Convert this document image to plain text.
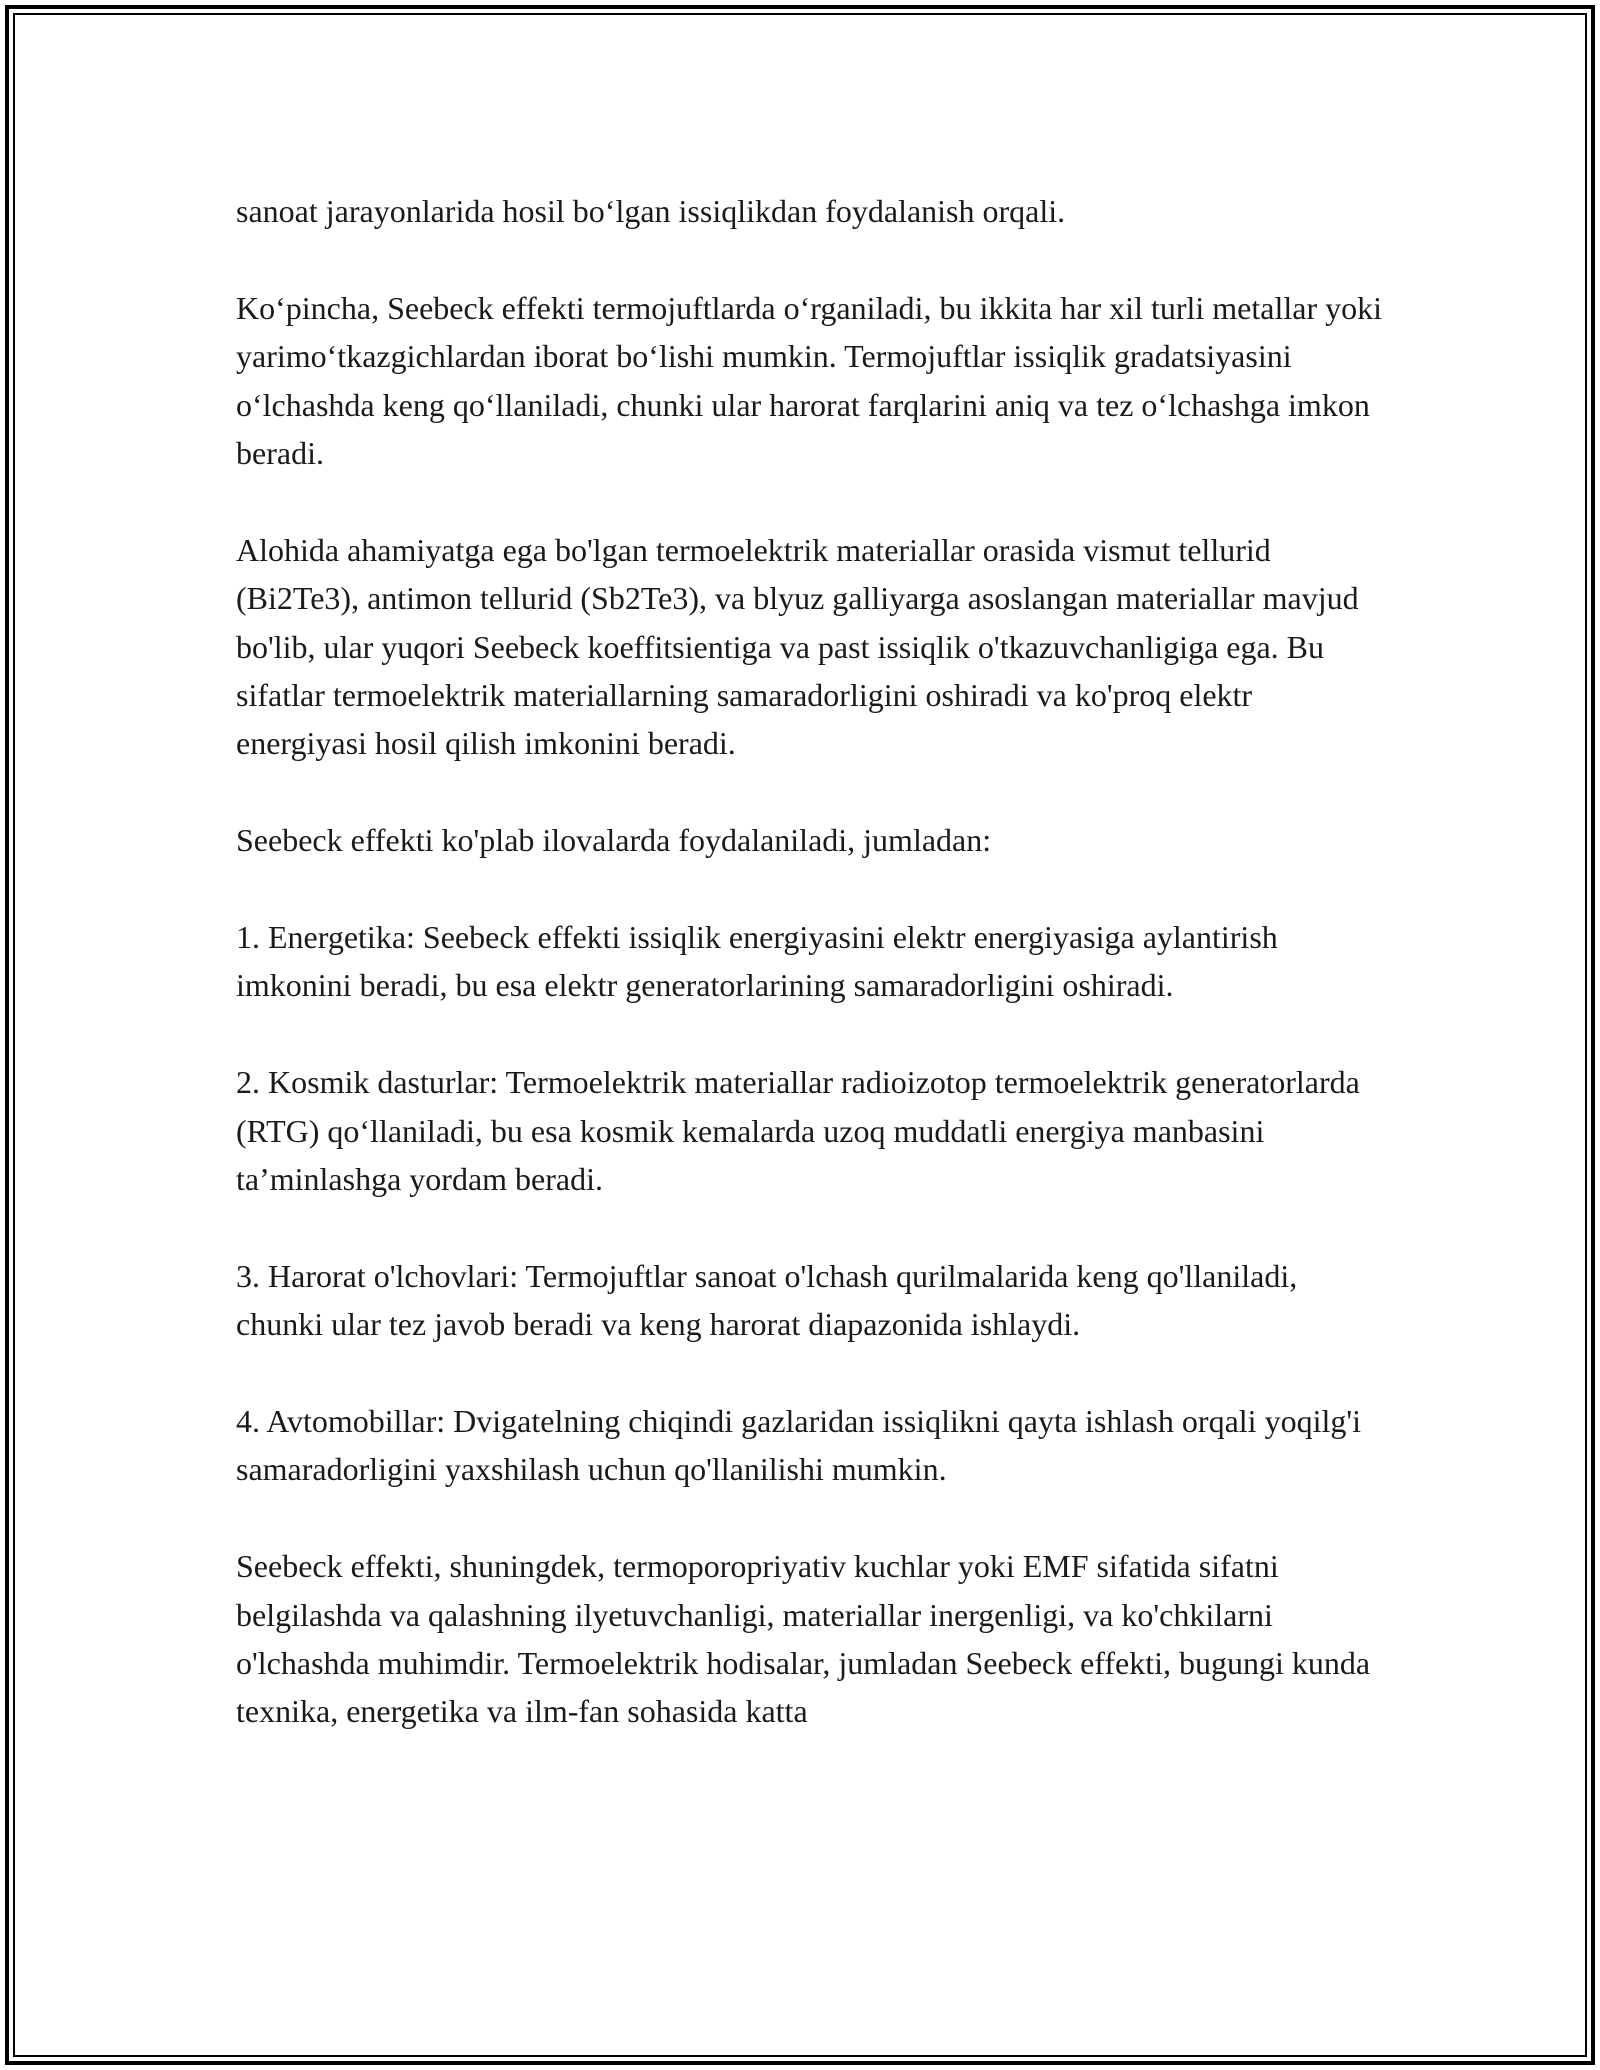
sanoat jarayonlarida hosil bo‘lgan issiqlikdan foydalanish orqali.

Ko‘pincha, Seebeck effekti termojuftlarda o‘rganiladi, bu ikkita har xil turli metallar yoki yarimo‘tkazgichlardan iborat bo‘lishi mumkin. Termojuftlar issiqlik gradatsiyasini o‘lchashda keng qo‘llaniladi, chunki ular harorat farqlarini aniq va tez o‘lchashga imkon beradi.

Alohida ahamiyatga ega bo'lgan termoelektrik materiallar orasida vismut tellurid (Bi2Te3), antimon tellurid (Sb2Te3), va blyuz galliyarga asoslangan materiallar mavjud bo'lib, ular yuqori Seebeck koeffitsientiga va past issiqlik o'tkazuvchanligiga ega. Bu sifatlar termoelektrik materiallarning samaradorligini oshiradi va ko'proq elektr energiyasi hosil qilish imkonini beradi.

Seebeck effekti ko'plab ilovalarda foydalaniladi, jumladan:

1. Energetika: Seebeck effekti issiqlik energiyasini elektr energiyasiga aylantirish imkonini beradi, bu esa elektr generatorlarining samaradorligini oshiradi.

2. Kosmik dasturlar: Termoelektrik materiallar radioizotop termoelektrik generatorlarda (RTG) qo‘llaniladi, bu esa kosmik kemalarda uzoq muddatli energiya manbasini ta’minlashga yordam beradi.

3. Harorat o'lchovlari: Termojuftlar sanoat o'lchash qurilmalarida keng qo'llaniladi, chunki ular tez javob beradi va keng harorat diapazonida ishlaydi.

4. Avtomobillar: Dvigatelning chiqindi gazlaridan issiqlikni qayta ishlash orqali yoqilg'i samaradorligini yaxshilash uchun qo'llanilishi mumkin.

Seebeck effekti, shuningdek, termoporopriyativ kuchlar yoki EMF sifatida sifatni belgilashda va qalashning ilyetuvchanligi, materiallar inergenligi, va ko'chkilarni o'lchashda muhimdir. Termoelektrik hodisalar, jumladan Seebeck effekti, bugungi kunda texnika, energetika va ilm-fan sohasida katta
